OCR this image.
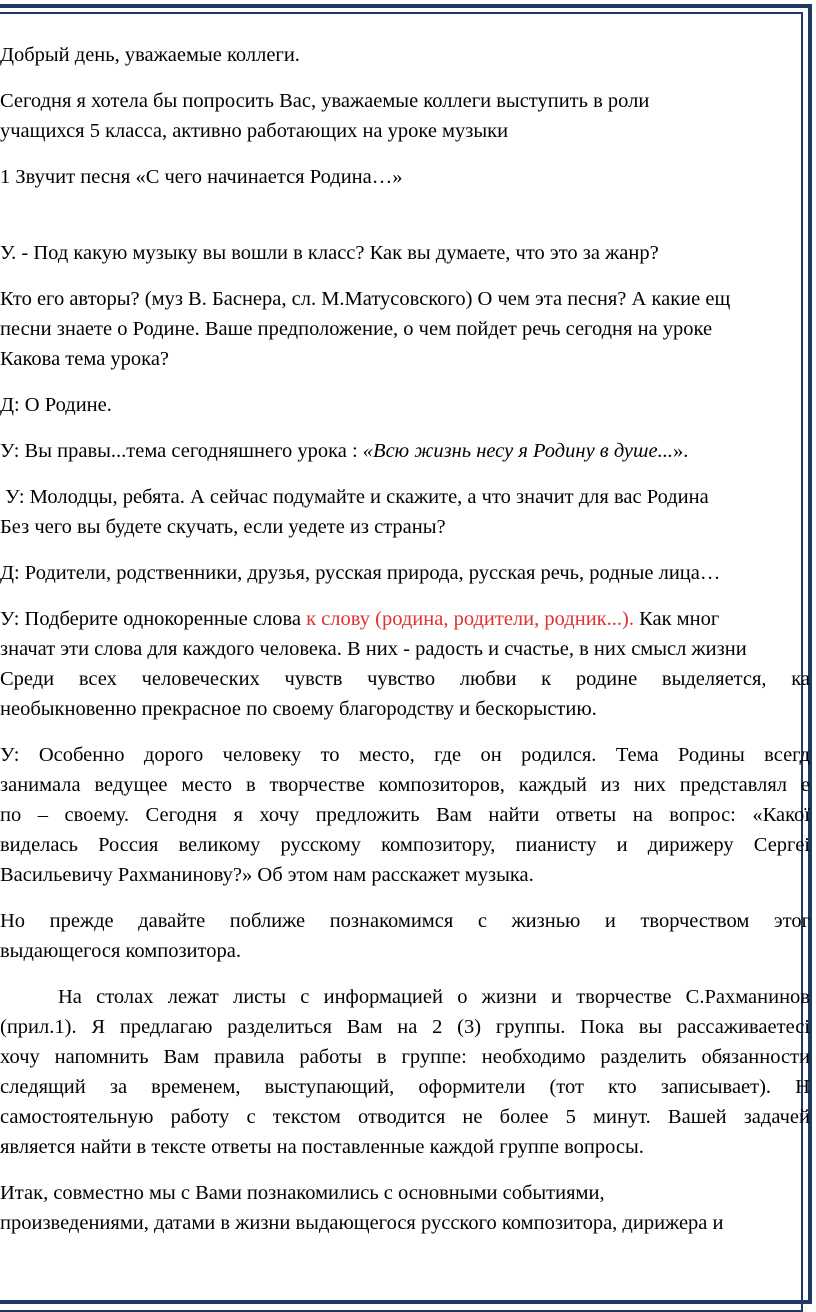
Добрый день, уважаемые коллеги.

Сегодня я хотела бы попросить Вас, уважаемые коллеги выступить в роли
учащихся 5 класса, активно работающих на уроке музыки

1 Звучит песня «С чего начинается Родина…»

У. - Под какую музыку вы вошли в класс? Как вы думаете, что это за жанр?

Кто его авторы? (муз В. Баснера, сл. М.Матусовского) О чем эта песня? А какие ещ
песни знаете о Родине. Ваше предположение, о чем пойдет речь сегодня на уроке
Какова тема урока?

Д: О Родине.

У: Вы правы...тема сегодняшнего урока : «Всю жизнь несу я Родину в душе...».

У: Молодцы, ребята. А сейчас подумайте и скажите, а что значит для вас Родина
Без чего вы будете скучать, если уедете из страны?

Д: Родители, родственники, друзья, русская природа, русская речь, родные лица…

У: Подберите однокоренные слова к слову (родина, родители, родник...). Как мног
значат эти слова для каждого человека. В них - радость и счастье, в них смысл жизни
Среди всех человеческих чувств чувство любви к родине выделяется, ка
необыкновенно прекрасное по своему благородству и бескорыстию.

У: Особенно дорого человеку то место, где он родился. Тема Родины всегд
занимала ведущее место в творчестве композиторов, каждый из них представлял е
по – своему. Сегодня я хочу предложить Вам найти ответы на вопрос: «Какої
виделась Россия великому русскому композитору, пианисту и дирижеру Сергеі
Васильевичу Рахманинову?» Об этом нам расскажет музыка.

Но прежде давайте поближе познакомимся с жизнью и творчеством этог
выдающегося композитора.

На столах лежат листы с информацией о жизни и творчестве С.Рахманинов
(прил.1). Я предлагаю разделиться Вам на 2 (3) группы. Пока вы рассаживаетесі
хочу напомнить Вам правила работы в группе: необходимо разделить обязанности
следящий за временем, выступающий, оформители (тот кто записывает). Н
самостоятельную работу с текстом отводится не более 5 минут. Вашей задачей
является найти в тексте ответы на поставленные каждой группе вопросы.

Итак, совместно мы с Вами познакомились с основными событиями,
произведениями, датами в жизни выдающегося русского композитора, дирижера и
